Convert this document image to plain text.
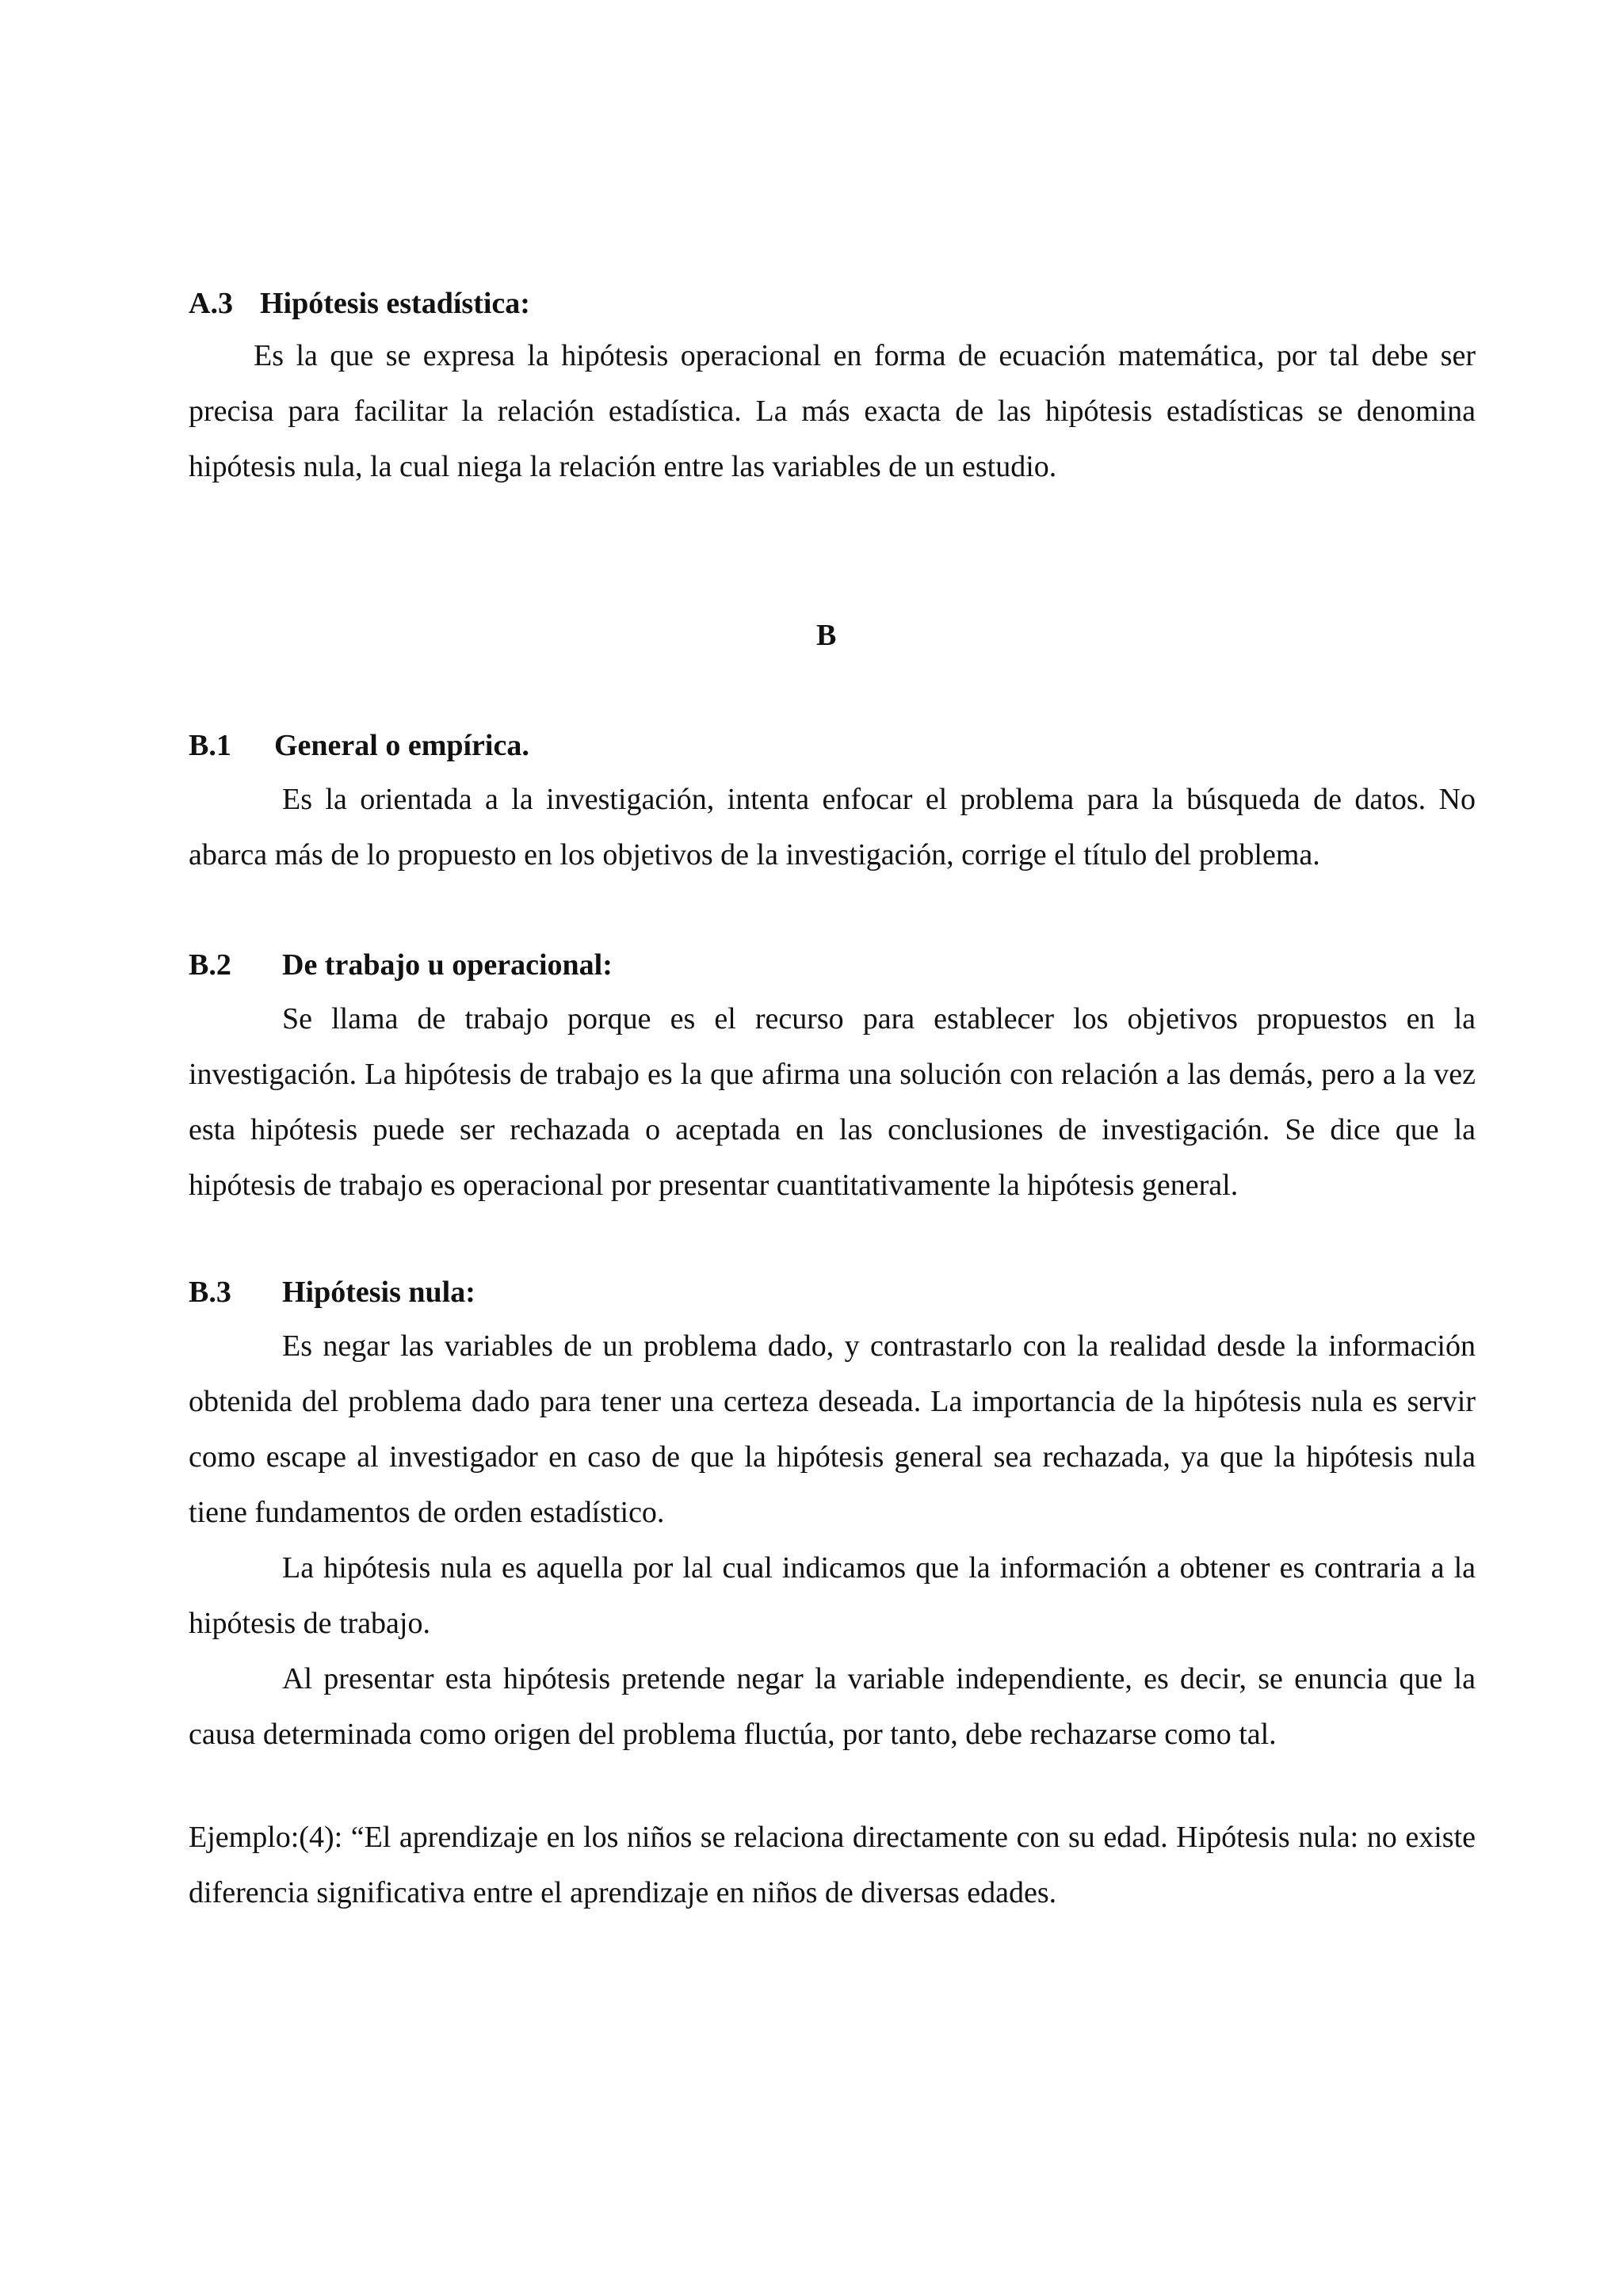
A.3 Hipótesis estadística:
Es la que se expresa la hipótesis operacional en forma de ecuación matemática, por tal debe ser precisa para facilitar la relación estadística. La más exacta de las hipótesis estadísticas se denomina hipótesis nula, la cual niega la relación entre las variables de un estudio.
B
B.1 General o empírica.
Es la orientada a la investigación, intenta enfocar el problema para la búsqueda de datos. No abarca más de lo propuesto en los objetivos de la investigación, corrige el título del problema.
B.2 De trabajo u operacional:
Se llama de trabajo porque es el recurso para establecer los objetivos propuestos en la investigación. La hipótesis de trabajo es la que afirma una solución con relación a las demás, pero a la vez esta hipótesis puede ser rechazada o aceptada en las conclusiones de investigación. Se dice que la hipótesis de trabajo es operacional por presentar cuantitativamente la hipótesis general.
B.3 Hipótesis nula:
Es negar las variables de un problema dado, y contrastarlo con la realidad desde la información obtenida del problema dado para tener una certeza deseada. La importancia de la hipótesis nula es servir como escape al investigador en caso de que la hipótesis general sea rechazada, ya que la hipótesis nula tiene fundamentos de orden estadístico.
La hipótesis nula es aquella por lal cual indicamos que la información a obtener es contraria a la hipótesis de trabajo.
Al presentar esta hipótesis pretende negar la variable independiente, es decir, se enuncia que la causa determinada como origen del problema fluctúa, por tanto, debe rechazarse como tal.
Ejemplo:(4): “El aprendizaje en los niños se relaciona directamente con su edad. Hipótesis nula: no existe diferencia significativa entre el aprendizaje en niños de diversas edades.
